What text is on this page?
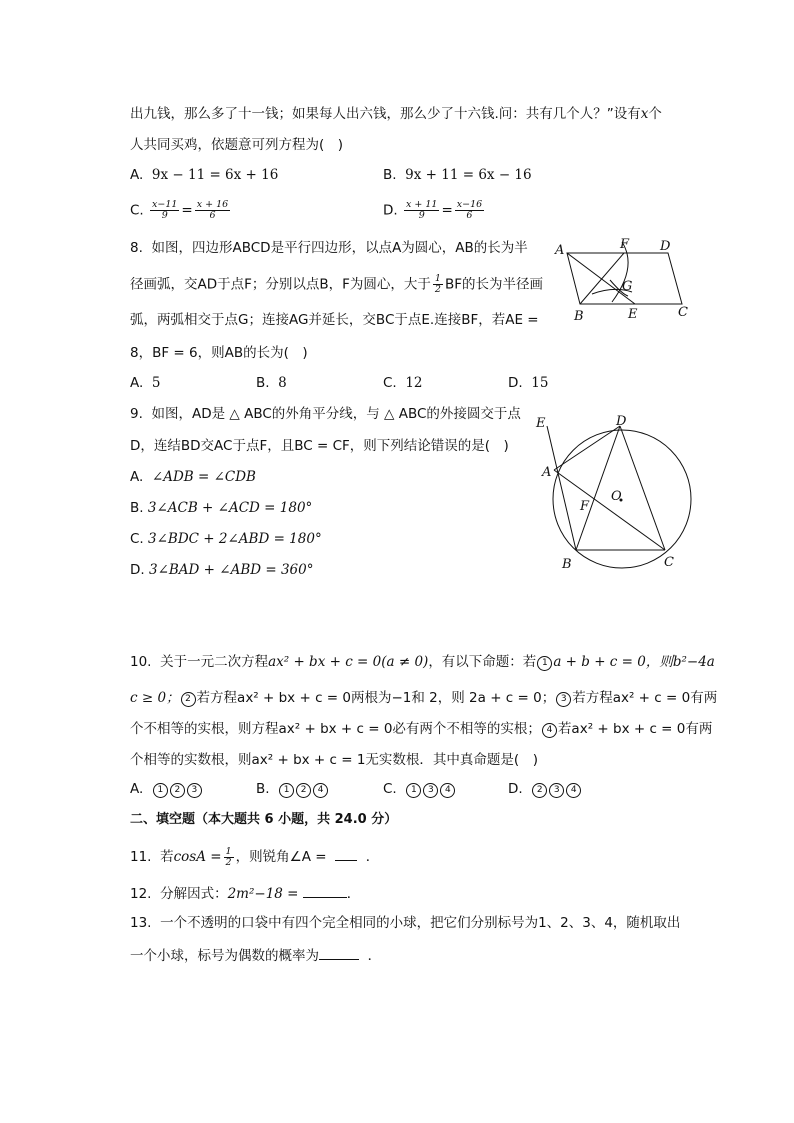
出九钱，那么多了十一钱；如果每人出六钱，那么少了十六钱.问：共有几个人？”设有x个
人共同买鸡，依题意可列方程为(　)
A. 9x − 11 = 6x + 16	B. 9x + 11 = 6x − 16
C. $\frac{x-11}{9} = \frac{x + 16}{6}$	D. $\frac{x + 11}{9} = \frac{x-16}{6}$
8. 如图，四边形ABCD是平行四边形，以点A为圆心，AB的长为半
径画弧，交AD于点F；分别以点B，F为圆心，大于 $\frac{1}{2}$ BF的长为半径画
弧，两弧相交于点G；连接AG并延长，交BC于点E.连接BF，若AE =
8，BF = 6，则AB的长为(　)
A. 5	B. 8	C. 12	D. 15
A	F D
G
B	E	C
9. 如图，AD是 △ ABC的外角平分线，与 △ ABC的外接圆交于点
D，连结BD交AC于点F，且BC = CF，则下列结论错误的是(　)
A. ∠ADB = ∠CDB
B. 3∠ACB + ∠ACD = 180°
C. 3∠BDC + 2∠ABD = 180°
D. 3∠BAD + ∠ABD = 360°
E	D
A
O
F
B	C
10. 关于一元二次方程ax² + bx + c = 0(a ≠ 0)，有以下命题：若 1 a + b + c = 0，则b²−4a
c ≥ 0； 2 若方程ax² + bx + c = 0两根为−1和 2，则 2a + c = 0； 3 若方程ax² + c = 0有两
个不相等的实根，则方程ax² + bx + c = 0必有两个不相等的实根； 4 若ax² + bx + c = 0有两
个相等的实数根，则ax² + bx + c = 1无实数根．其中真命题是(　)
A. 1 2 3	B. 1 2 4	C. 1 3 4	D. 2 3 4
二、填空题（本大题共 6 小题，共 24.0 分）
11. 若$\cos A = \frac{1}{2}$ ，则锐角∠A =	．
12. 分解因式：2m²−18 =	．
13. 一个不透明的口袋中有四个完全相同的小球，把它们分别标号为1、2、3、4，随机取出
一个小球，标号为偶数的概率为	．
